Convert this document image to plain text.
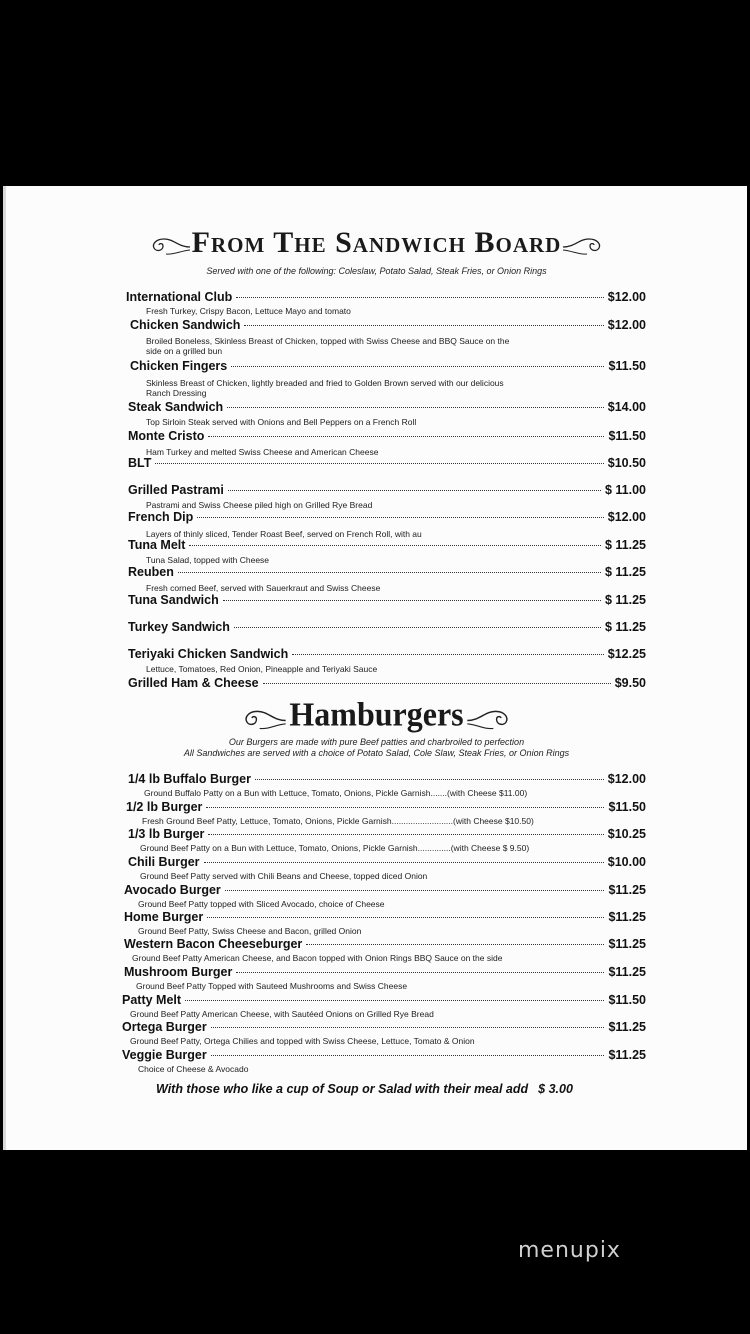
From The Sandwich Board
Served with one of the following: Coleslaw, Potato Salad, Steak Fries, or Onion Rings
International Club	$12.00
Fresh Turkey, Crispy Bacon, Lettuce Mayo and tomato
Chicken Sandwich	$12.00
Broiled Boneless, Skinless Breast of Chicken, topped with Swiss Cheese and BBQ Sauce on the
side on a grilled bun
Chicken Fingers	$11.50
Skinless Breast of Chicken, lightly breaded and fried to Golden Brown served with our delicious
Ranch Dressing
Steak Sandwich	$14.00
Top Sirloin Steak served with Onions and Bell Peppers on a French Roll
Monte Cristo	$11.50
Ham Turkey and melted Swiss Cheese and American Cheese
BLT	$10.50
Grilled Pastrami	$ 11.00
Pastrami and Swiss Cheese piled high on Grilled Rye Bread
French Dip	$12.00
Layers of thinly sliced, Tender Roast Beef, served on French Roll, with au
Tuna Melt	$ 11.25
Tuna Salad, topped with Cheese
Reuben	$ 11.25
Fresh corned Beef, served with Sauerkraut and Swiss Cheese
Tuna Sandwich	$ 11.25
Turkey Sandwich	$ 11.25
Teriyaki Chicken Sandwich	$12.25
Lettuce, Tomatoes, Red Onion, Pineapple and Teriyaki Sauce
Grilled Ham & Cheese	$9.50
Hamburgers
Our Burgers are made with pure Beef patties and charbroiled to perfection
All Sandwiches are served with a choice of Potato Salad, Cole Slaw, Steak Fries, or Onion Rings
1/4 lb Buffalo Burger	$12.00
Ground Buffalo Patty on a Bun with Lettuce, Tomato, Onions, Pickle Garnish.......(with Cheese $11.00)
1/2 lb Burger	$11.50
Fresh Ground Beef Patty, Lettuce, Tomato, Onions, Pickle Garnish..........................(with Cheese $10.50)
1/3 lb Burger	$10.25
Ground Beef Patty on a Bun with Lettuce, Tomato, Onions, Pickle Garnish..............(with Cheese $ 9.50)
Chili Burger	$10.00
Ground Beef Patty served with Chili Beans and Cheese, topped diced Onion
Avocado Burger	$11.25
Ground Beef Patty topped with Sliced Avocado, choice of Cheese
Home Burger	$11.25
Ground Beef Patty, Swiss Cheese and Bacon, grilled Onion
Western Bacon Cheeseburger	$11.25
Ground Beef Patty American Cheese, and Bacon topped with Onion Rings BBQ Sauce on the side
Mushroom Burger	$11.25
Ground Beef Patty Topped with Sauteed Mushrooms and Swiss Cheese
Patty Melt	$11.50
Ground Beef Patty American Cheese, with Sautéed Onions on Grilled Rye Bread
Ortega Burger	$11.25
Ground Beef Patty, Ortega Chilies and topped with Swiss Cheese, Lettuce, Tomato & Onion
Veggie Burger	$11.25
Choice of Cheese & Avocado
With those who like a cup of Soup or Salad with their meal add $ 3.00
menupix
